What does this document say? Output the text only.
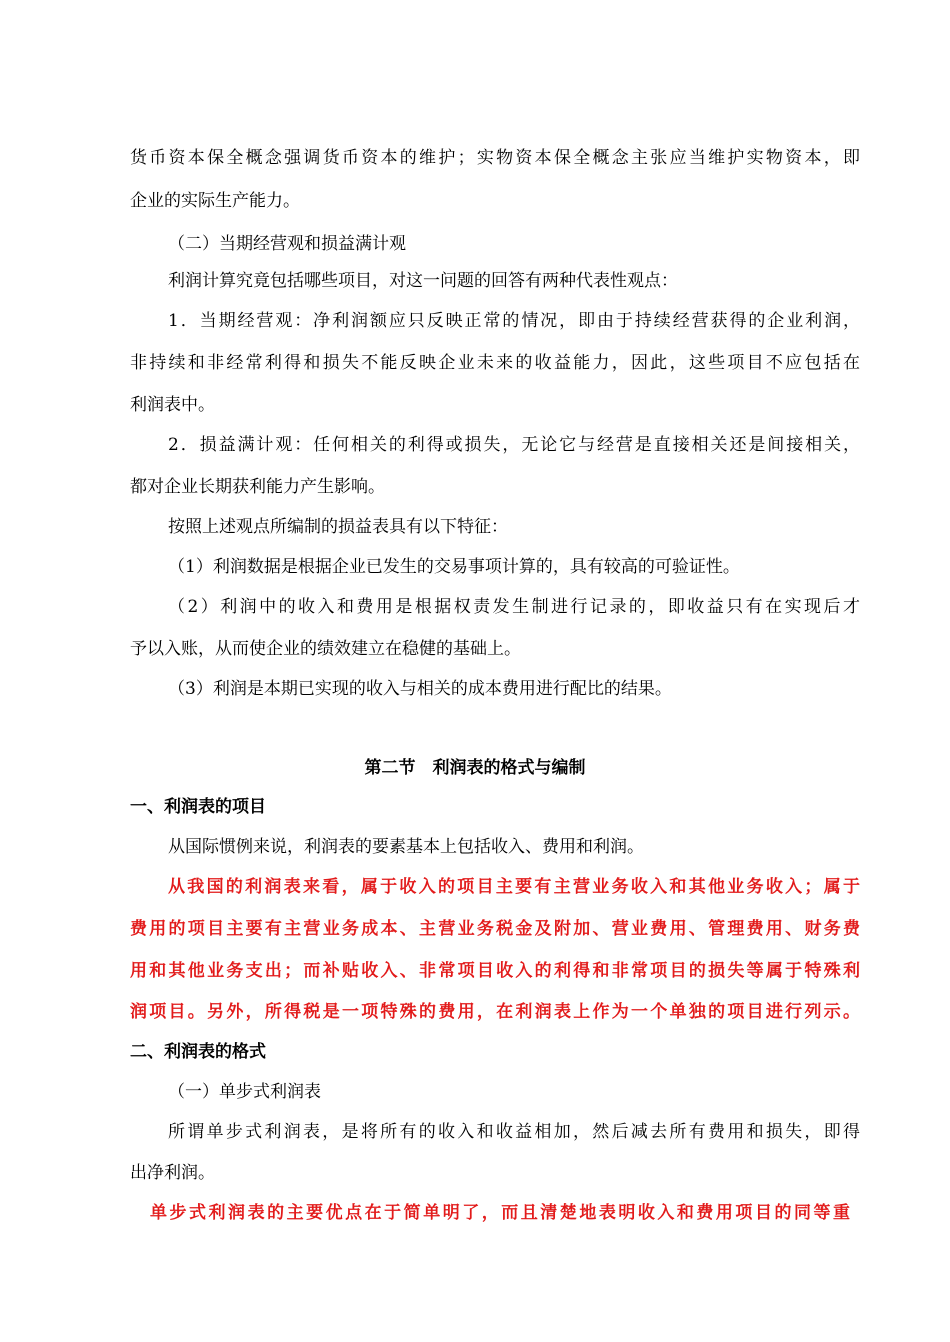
货币资本保全概念强调货币资本的维护；实物资本保全概念主张应当维护实物资本，即
企业的实际生产能力。
（二）当期经营观和损益满计观
利润计算究竟包括哪些项目，对这一问题的回答有两种代表性观点：
1．当期经营观：净利润额应只反映正常的情况，即由于持续经营获得的企业利润，
非持续和非经常利得和损失不能反映企业未来的收益能力，因此，这些项目不应包括在
利润表中。
2．损益满计观：任何相关的利得或损失，无论它与经营是直接相关还是间接相关，
都对企业长期获利能力产生影响。
按照上述观点所编制的损益表具有以下特征：
（1）利润数据是根据企业已发生的交易事项计算的，具有较高的可验证性。
（2）利润中的收入和费用是根据权责发生制进行记录的，即收益只有在实现后才
予以入账，从而使企业的绩效建立在稳健的基础上。
（3）利润是本期已实现的收入与相关的成本费用进行配比的结果。
第二节　利润表的格式与编制
一、利润表的项目
从国际惯例来说，利润表的要素基本上包括收入、费用和利润。
从我国的利润表来看，属于收入的项目主要有主营业务收入和其他业务收入；属于
费用的项目主要有主营业务成本、主营业务税金及附加、营业费用、管理费用、财务费
用和其他业务支出；而补贴收入、非常项目收入的利得和非常项目的损失等属于特殊利
润项目。另外，所得税是一项特殊的费用，在利润表上作为一个单独的项目进行列示。
二、利润表的格式
（一）单步式利润表
所谓单步式利润表，是将所有的收入和收益相加，然后减去所有费用和损失，即得
出净利润。
单步式利润表的主要优点在于简单明了，而且清楚地表明收入和费用项目的同等重
